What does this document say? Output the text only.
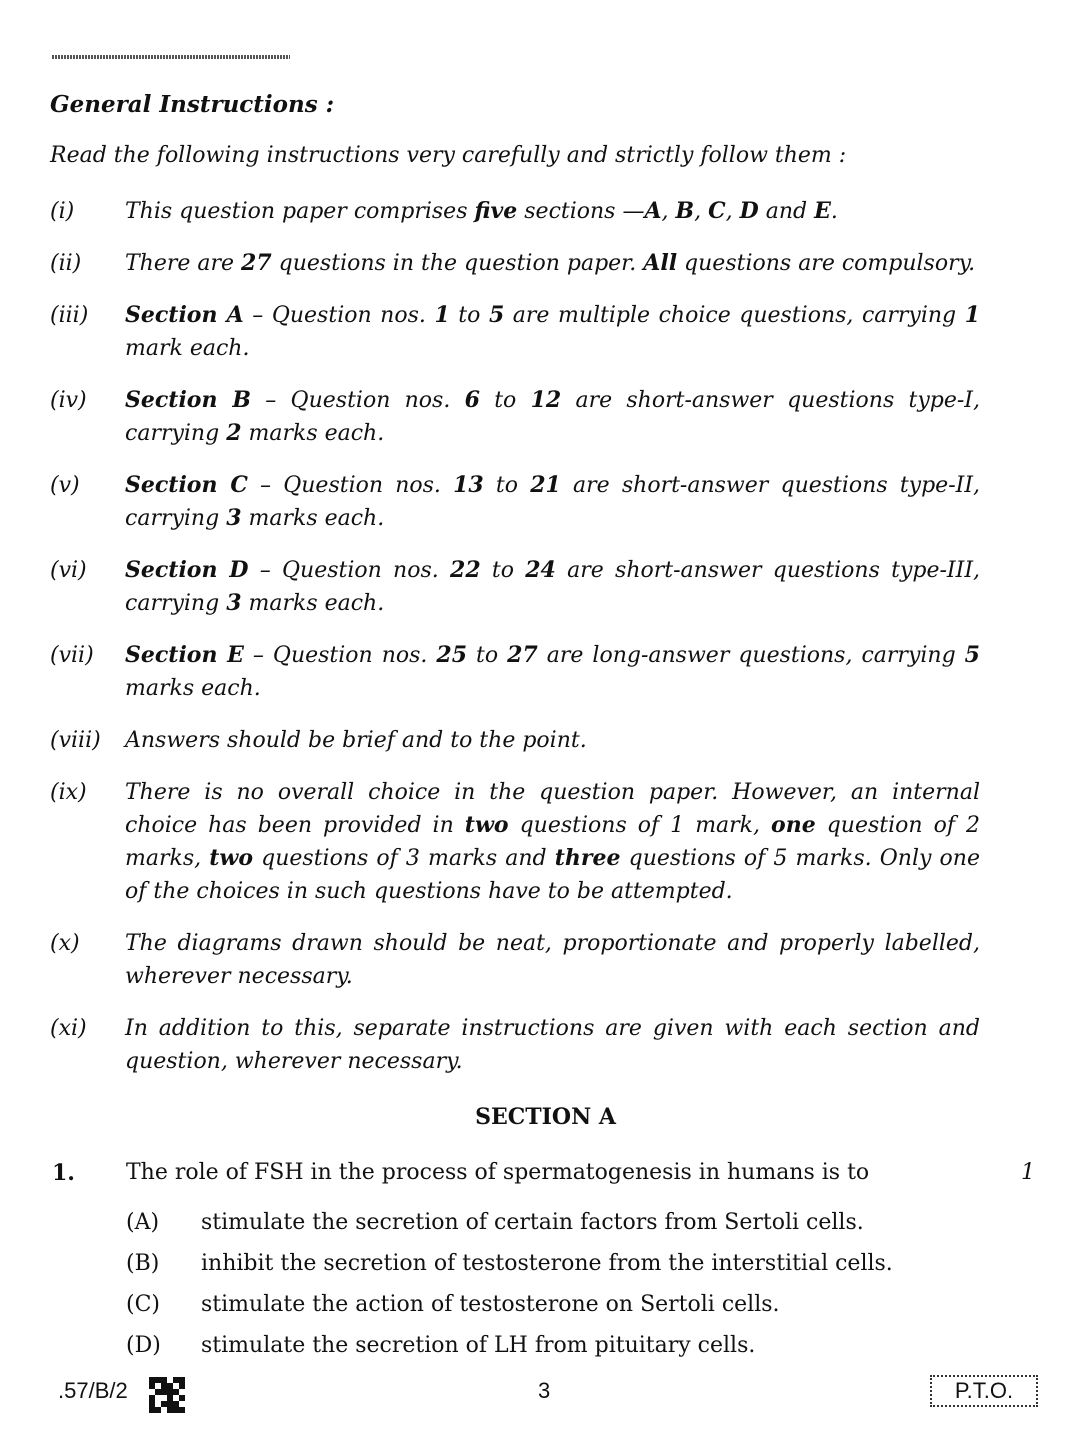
General Instructions :

Read the following instructions very carefully and strictly follow them :

(i)	This question paper comprises five sections —A, B, C, D and E.
(ii)	There are 27 questions in the question paper. All questions are compulsory.
(iii)	Section A – Question nos. 1 to 5 are multiple choice questions, carrying 1 mark each.
(iv)	Section B – Question nos. 6 to 12 are short-answer questions type-I, carrying 2 marks each.
(v)	Section C – Question nos. 13 to 21 are short-answer questions type-II, carrying 3 marks each.
(vi)	Section D – Question nos. 22 to 24 are short-answer questions type-III, carrying 3 marks each.
(vii)	Section E – Question nos. 25 to 27 are long-answer questions, carrying 5 marks each.
(viii)	Answers should be brief and to the point.
(ix)	There is no overall choice in the question paper. However, an internal choice has been provided in two questions of 1 mark, one question of 2 marks, two questions of 3 marks and three questions of 5 marks. Only one of the choices in such questions have to be attempted.
(x)	The diagrams drawn should be neat, proportionate and properly labelled, wherever necessary.
(xi)	In addition to this, separate instructions are given with each section and question, wherever necessary.
SECTION A
1. The role of FSH in the process of spermatogenesis in humans is to	1
(A)	stimulate the secretion of certain factors from Sertoli cells.
(B)	inhibit the secretion of testosterone from the interstitial cells.
(C)	stimulate the action of testosterone on Sertoli cells.
(D)	stimulate the secretion of LH from pituitary cells.
.57/B/2	3	P.T.O.
